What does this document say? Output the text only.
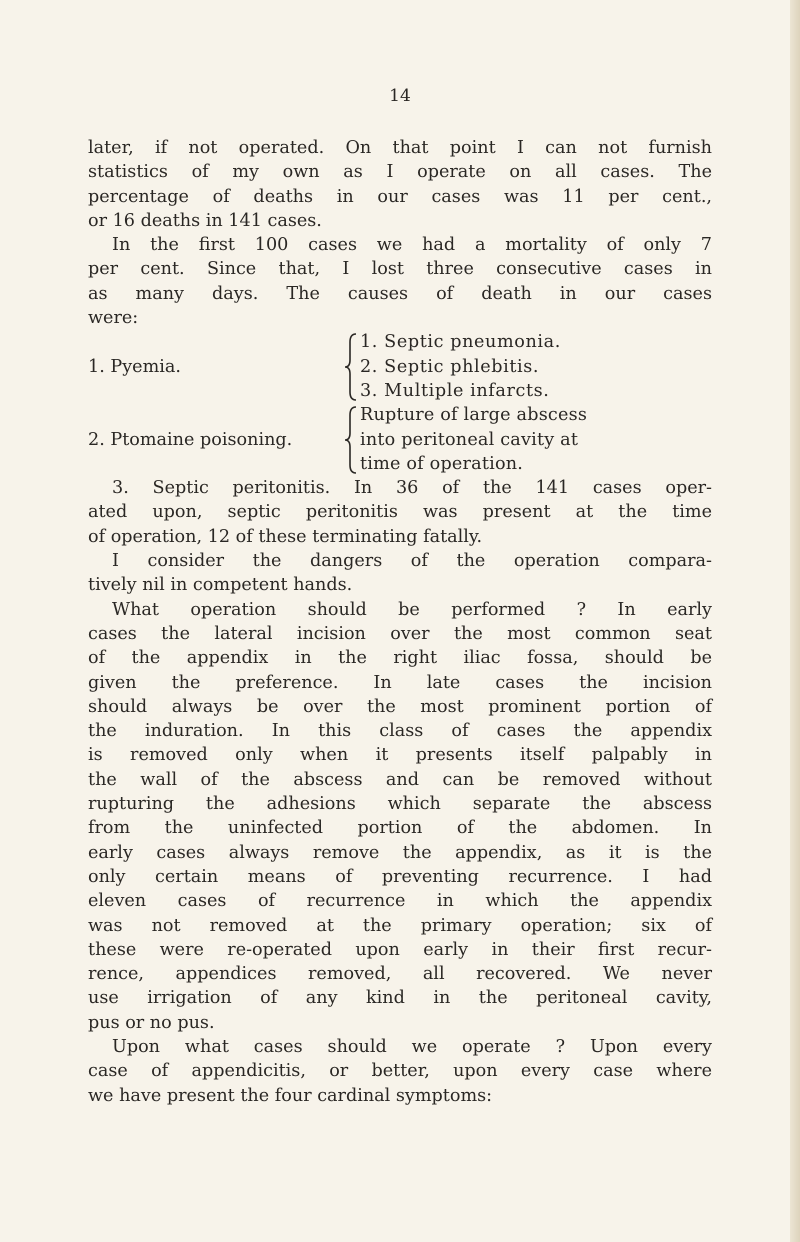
14
later, if not operated. On that point I can not furnish
statistics of my own as I operate on all cases. The
percentage of deaths in our cases was 11 per cent.,
or 16 deaths in 141 cases.
In the first 100 cases we had a mortality of only 7
per cent. Since that, I lost three consecutive cases in
as many days. The causes of death in our cases
were:
1. Pyemia.
1. Septic pneumonia.
2. Septic phlebitis.
3. Multiple infarcts.
2. Ptomaine poisoning.
Rupture of large abscess
into peritoneal cavity at
time of operation.
3. Septic peritonitis. In 36 of the 141 cases oper-
ated upon, septic peritonitis was present at the time
of operation, 12 of these terminating fatally.
I consider the dangers of the operation compara-
tively nil in competent hands.
What operation should be performed ? In early
cases the lateral incision over the most common seat
of the appendix in the right iliac fossa, should be
given the preference. In late cases the incision
should always be over the most prominent portion of
the induration. In this class of cases the appendix
is removed only when it presents itself palpably in
the wall of the abscess and can be removed without
rupturing the adhesions which separate the abscess
from the uninfected portion of the abdomen. In
early cases always remove the appendix, as it is the
only certain means of preventing recurrence. I had
eleven cases of recurrence in which the appendix
was not removed at the primary operation; six of
these were re-operated upon early in their first recur-
rence, appendices removed, all recovered. We never
use irrigation of any kind in the peritoneal cavity,
pus or no pus.
Upon what cases should we operate ? Upon every
case of appendicitis, or better, upon every case where
we have present the four cardinal symptoms:
